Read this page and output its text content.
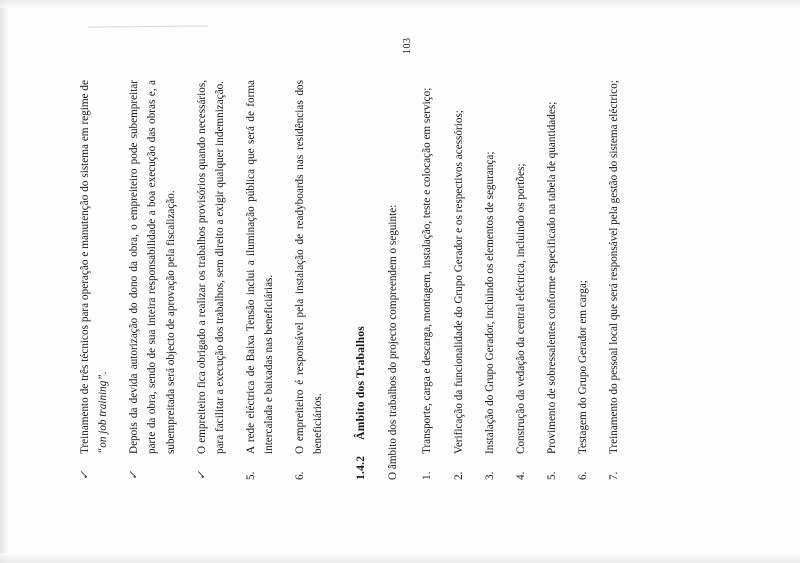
✓
Treinamento de três técnicos para operação e manutenção do sistema em regime de “on job training”.
✓
Depois da devida autorização do dono da obra, o empreiteiro pode subempreitar parte da obra, sendo de sua inteira responsabilidade a boa execução das obras e, a subempreitada será objecto de aprovação pela fiscalização.
✓
O empreiteiro fica obrigado a realizar os trabalhos provisórios quando necessários, para facilitar a execução dos trabalhos, sem direito a exigir qualquer indemnização.
5.
A rede eléctrica de Baixa Tensão inclui a iluminação pública que será de forma intercalada e baixadas nas beneficiárias.
6.
O empreiteiro é responsável pela instalação de readyboards nas residências dos beneficiários.
1.4.2Âmbito dos Trabalhos O âmbito dos trabalhos do projecto compreendem o seguinte:	1.
Transporte, carga e descarga, montagem, instalação, teste e colocação em serviço;
2.
Verificação da funcionalidade do Grupo Gerador e os respectivos acessórios;
3.
Instalação do Grupo Gerador, incluindo os elementos de segurança;
4.
Construção da vedação da central eléctrica, incluindo os portões;
5.
Provimento de sobressalentes conforme especificado na tabela de quantidades;
6.
Testagem do Grupo Gerador em carga;
7.
Treinamento do pessoal local que será responsável pela gestão do sistema eléctrico;
103
